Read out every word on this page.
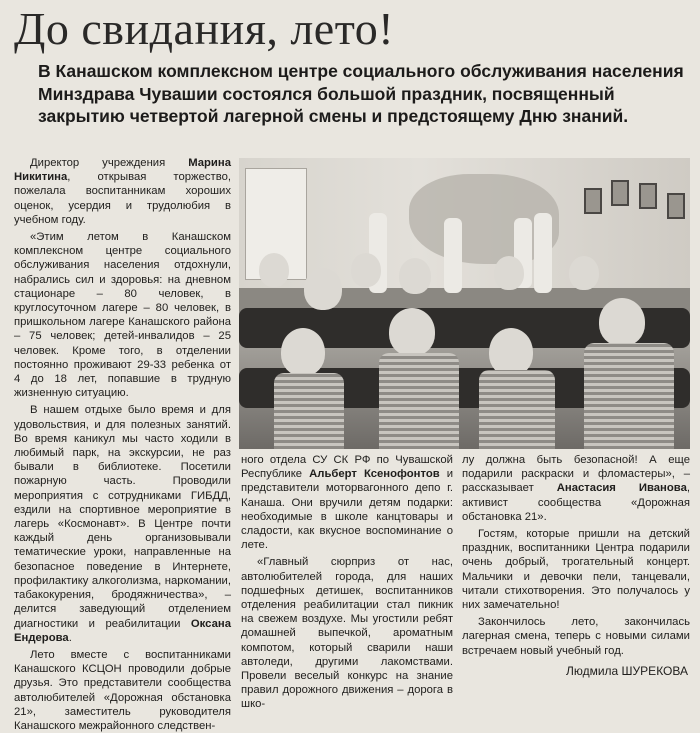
До свидания, лето!
В Канашском комплексном центре социального обслуживания населения Минздрава Чувашии состоялся большой праздник, посвященный закрытию четвертой лагерной смены и предстоящему Дню знаний.

Директор учреждения Марина Никитина, открывая торжество, пожелала воспитанникам хороших оценок, усердия и трудолюбия в учебном году.

«Этим летом в Канашском комплексном центре социального обслуживания населения отдохнули, набрались сил и здоровья: на дневном стационаре – 80 человек, в круглосуточном лагере – 80 человек, в пришкольном лагере Канашского района – 75 человек; детей-инвалидов – 25 человек. Кроме того, в отделении постоянно проживают 29-33 ребенка от 4 до 18 лет, попавшие в трудную жизненную ситуацию.

В нашем отдыхе было время и для удовольствия, и для полезных занятий. Во время каникул мы часто ходили в любимый парк, на экскурсии, не раз бывали в библиотеке. Посетили пожарную часть. Проводили мероприятия с сотрудниками ГИБДД, ездили на спортивное мероприятие в лагерь «Космонавт». В Центре почти каждый день организовывали тематические уроки, направленные на безопасное поведение в Интернете, профилактику алкоголизма, наркомании, табакокурения, бродяжничества», – делится заведующий отделением диагностики и реабилитации Оксана Ендерова.

Лето вместе с воспитанниками Канашского КСЦОН проводили добрые друзья. Это представители сообщества автолюбителей «Дорожная обстановка 21», заместитель руководителя Канашского межрайонного следствен-

ного отдела СУ СК РФ по Чувашской Республике Альберт Ксенофонтов и представители моторвагонного депо г. Канаша. Они вручили детям подарки: необходимые в школе канцтовары и сладости, как вкусное воспоминание о лете.

«Главный сюрприз от нас, автолюбителей города, для наших подшефных детишек, воспитанников отделения реабилитации стал пикник на свежем воздухе. Мы угостили ребят домашней выпечкой, ароматным компотом, который сварили наши автоледи, другими лакомствами. Провели веселый конкурс на знание правил дорожного движения – дорога в шко-

лу должна быть безопасной! А еще подарили раскраски и фломастеры», – рассказывает Анастасия Иванова, активист сообщества «Дорожная обстановка 21».

Гостям, которые пришли на детский праздник, воспитанники Центра подарили очень добрый, трогательный концерт. Мальчики и девочки пели, танцевали, читали стихотворения. Это получалось у них замечательно!

Закончилось лето, закончилась лагерная смена, теперь с новыми силами встречаем новый учебный год.

Людмила ШУРЕКОВА
